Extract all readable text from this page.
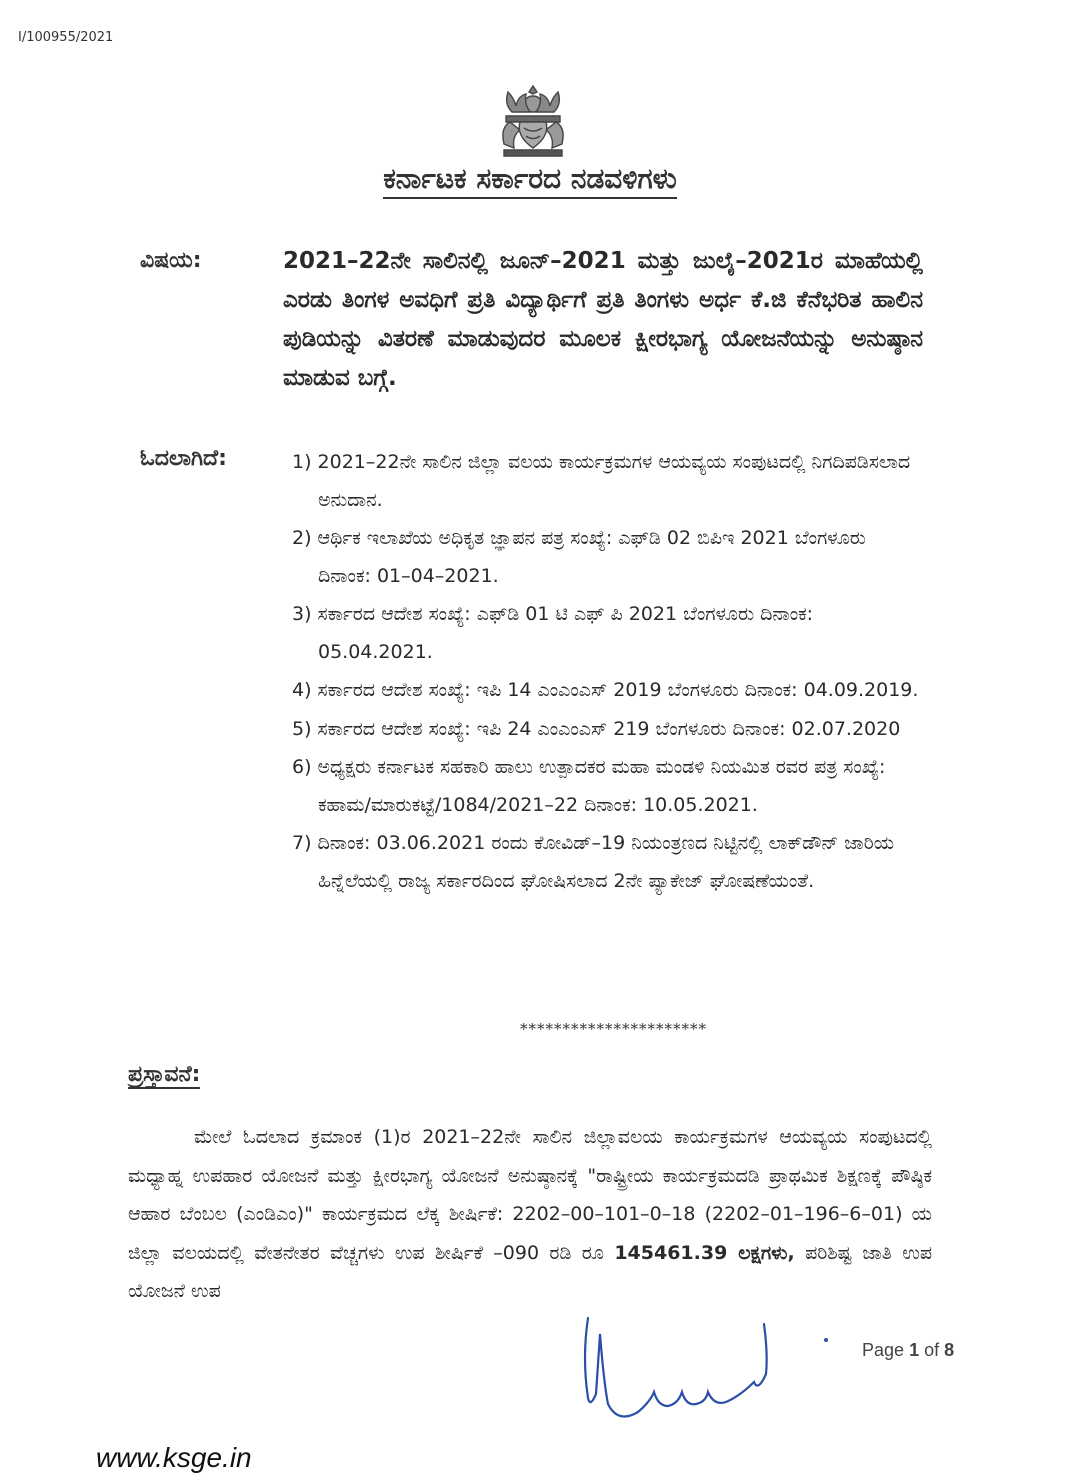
I/100955/2021
ಕರ್ನಾಟಕ ಸರ್ಕಾರದ ನಡವಳಿಗಳು
ವಿಷಯ:	2021–22ನೇ ಸಾಲಿನಲ್ಲಿ ಜೂನ್–2021 ಮತ್ತು ಜುಲೈ–2021ರ ಮಾಹೆಯಲ್ಲಿ ಎರಡು ತಿಂಗಳ ಅವಧಿಗೆ ಪ್ರತಿ ವಿದ್ಯಾರ್ಥಿಗೆ ಪ್ರತಿ ತಿಂಗಳು ಅರ್ಧ ಕೆ.ಜಿ ಕೆನೆಭರಿತ ಹಾಲಿನ ಪುಡಿಯನ್ನು ವಿತರಣೆ ಮಾಡುವುದರ ಮೂಲಕ ಕ್ಷೀರಭಾಗ್ಯ ಯೋಜನೆಯನ್ನು ಅನುಷ್ಠಾನ ಮಾಡುವ ಬಗ್ಗೆ.
ಓದಲಾಗಿದೆ:	1) 2021–22ನೇ ಸಾಲಿನ ಜಿಲ್ಲಾ ವಲಯ ಕಾರ್ಯಕ್ರಮಗಳ ಆಯವ್ಯಯ ಸಂಪುಟದಲ್ಲಿ ನಿಗದಿಪಡಿಸಲಾದ ಅನುದಾನ.
2) ಆರ್ಥಿಕ ಇಲಾಖೆಯ ಅಧಿಕೃತ ಜ್ಞಾಪನ ಪತ್ರ ಸಂಖ್ಯೆ: ಎಫ್‌ಡಿ 02 ಬಿಪಿಇ 2021 ಬೆಂಗಳೂರು ದಿನಾಂಕ: 01–04–2021.
3) ಸರ್ಕಾರದ ಆದೇಶ ಸಂಖ್ಯೆ: ಎಫ್‌ಡಿ 01 ಟಿ ಎಫ್ ಪಿ 2021 ಬೆಂಗಳೂರು ದಿನಾಂಕ: 05.04.2021.
4) ಸರ್ಕಾರದ ಆದೇಶ ಸಂಖ್ಯೆ: ಇಪಿ 14 ಎಂಎಂಎಸ್ 2019 ಬೆಂಗಳೂರು ದಿನಾಂಕ: 04.09.2019.
5) ಸರ್ಕಾರದ ಆದೇಶ ಸಂಖ್ಯೆ: ಇಪಿ 24 ಎಂಎಂಎಸ್ 219 ಬೆಂಗಳೂರು ದಿನಾಂಕ: 02.07.2020
6) ಅಧ್ಯಕ್ಷರು ಕರ್ನಾಟಕ ಸಹಕಾರಿ ಹಾಲು ಉತ್ಪಾದಕರ ಮಹಾ ಮಂಡಳಿ ನಿಯಮಿತ ರವರ ಪತ್ರ ಸಂಖ್ಯೆ: ಕಹಾಮ/ಮಾರುಕಟ್ಟೆ/1084/2021–22 ದಿನಾಂಕ: 10.05.2021.
7) ದಿನಾಂಕ: 03.06.2021 ರಂದು ಕೋವಿಡ್–19 ನಿಯಂತ್ರಣದ ನಿಟ್ಟಿನಲ್ಲಿ ಲಾಕ್‌ಡೌನ್ ಜಾರಿಯ ಹಿನ್ನೆಲೆಯಲ್ಲಿ ರಾಜ್ಯ ಸರ್ಕಾರದಿಂದ ಘೋಷಿಸಲಾದ 2ನೇ ಪ್ಯಾಕೇಜ್ ಘೋಷಣೆಯಂತೆ.
**********************
ಪ್ರಸ್ತಾವನೆ:
ಮೇಲೆ ಓದಲಾದ ಕ್ರಮಾಂಕ (1)ರ 2021–22ನೇ ಸಾಲಿನ ಜಿಲ್ಲಾವಲಯ ಕಾರ್ಯಕ್ರಮಗಳ ಆಯವ್ಯಯ ಸಂಪುಟದಲ್ಲಿ ಮಧ್ಯಾಹ್ನ ಉಪಹಾರ ಯೋಜನೆ ಮತ್ತು ಕ್ಷೀರಭಾಗ್ಯ ಯೋಜನೆ ಅನುಷ್ಠಾನಕ್ಕೆ "ರಾಷ್ಟ್ರೀಯ ಕಾರ್ಯಕ್ರಮದಡಿ ಪ್ರಾಥಮಿಕ ಶಿಕ್ಷಣಕ್ಕೆ ಪೌಷ್ಠಿಕ ಆಹಾರ ಬೆಂಬಲ (ಎಂಡಿಎಂ)" ಕಾರ್ಯಕ್ರಮದ ಲೆಕ್ಕ ಶೀರ್ಷಿಕೆ: 2202–00–101–0–18 (2202–01–196–6–01) ಯ ಜಿಲ್ಲಾ ವಲಯದಲ್ಲಿ ವೇತನೇತರ ವೆಚ್ಚಗಳು ಉಪ ಶೀರ್ಷಿಕೆ –090 ರಡಿ ರೂ 145461.39 ಲಕ್ಷಗಳು, ಪರಿಶಿಷ್ಟ ಜಾತಿ ಉಪ ಯೋಜನೆ ಉಪ
Page 1 of 8
www.ksge.in
